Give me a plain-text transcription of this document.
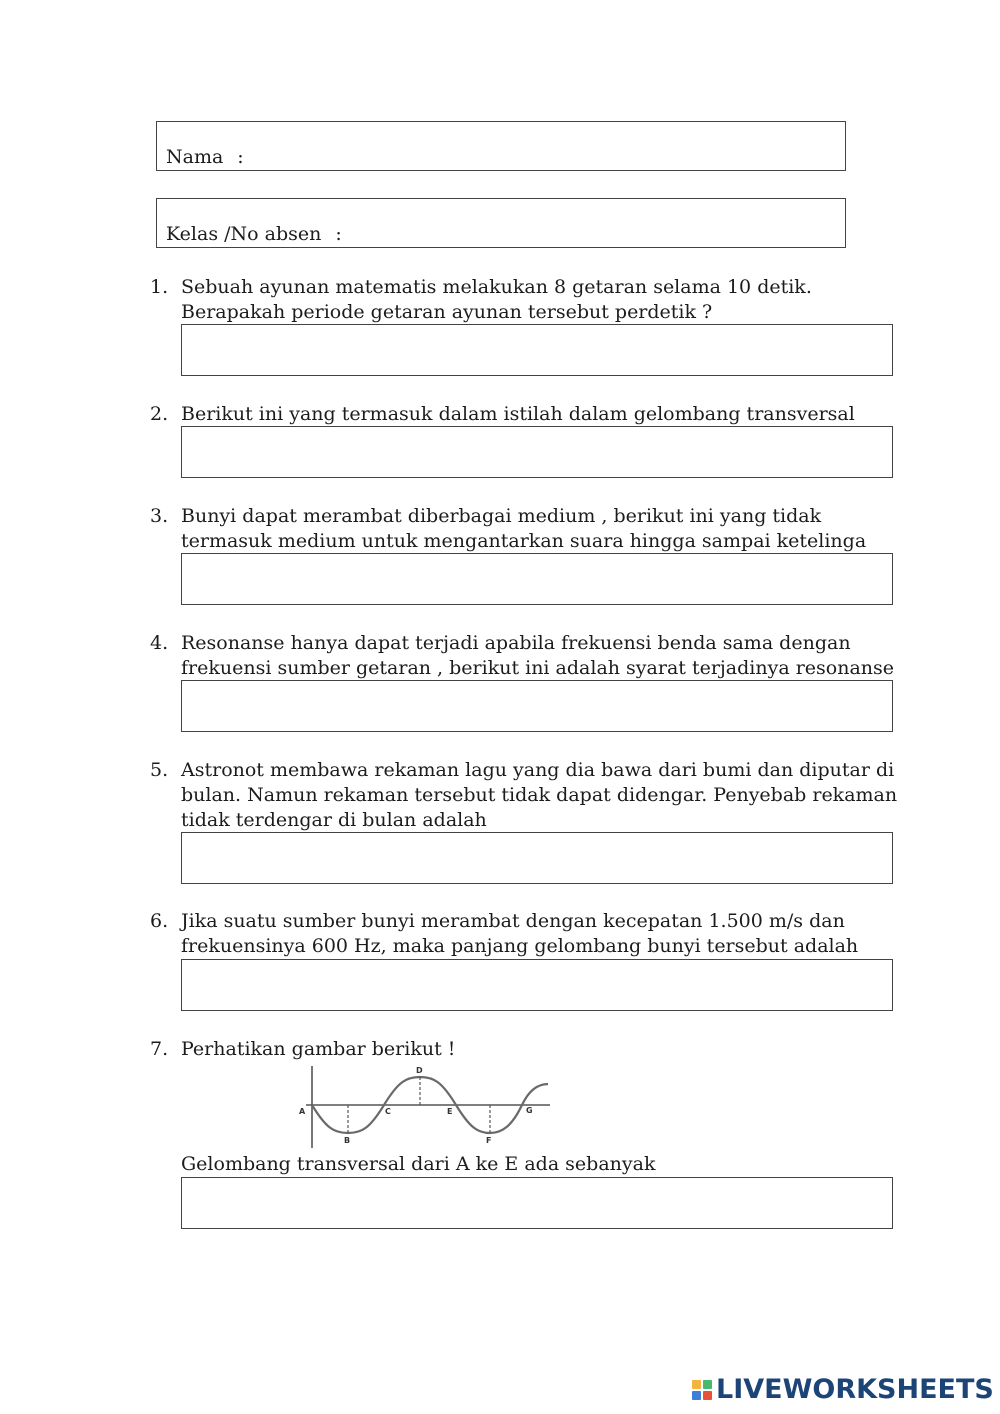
Nama :
Kelas /No absen :
1. Sebuah ayunan matematis melakukan 8 getaran selama 10 detik. Berapakah periode getaran ayunan tersebut perdetik ?
2. Berikut ini yang termasuk dalam istilah dalam gelombang transversal
3. Bunyi dapat merambat diberbagai medium , berikut ini yang tidak termasuk medium untuk mengantarkan suara hingga sampai ketelinga
4. Resonanse hanya dapat terjadi apabila frekuensi benda sama dengan frekuensi sumber getaran , berikut ini adalah syarat terjadinya resonanse
5. Astronot membawa rekaman lagu yang dia bawa dari bumi dan diputar di bulan. Namun rekaman tersebut tidak dapat didengar. Penyebab rekaman tidak terdengar di bulan adalah
6. Jika suatu sumber bunyi merambat dengan kecepatan 1.500 m/s dan frekuensinya 600 Hz, maka panjang gelombang bunyi tersebut adalah
7. Perhatikan gambar berikut !
A
B
C
D
E
F
G
Gelombang transversal dari A ke E ada sebanyak
LIVEWORKSHEETS
